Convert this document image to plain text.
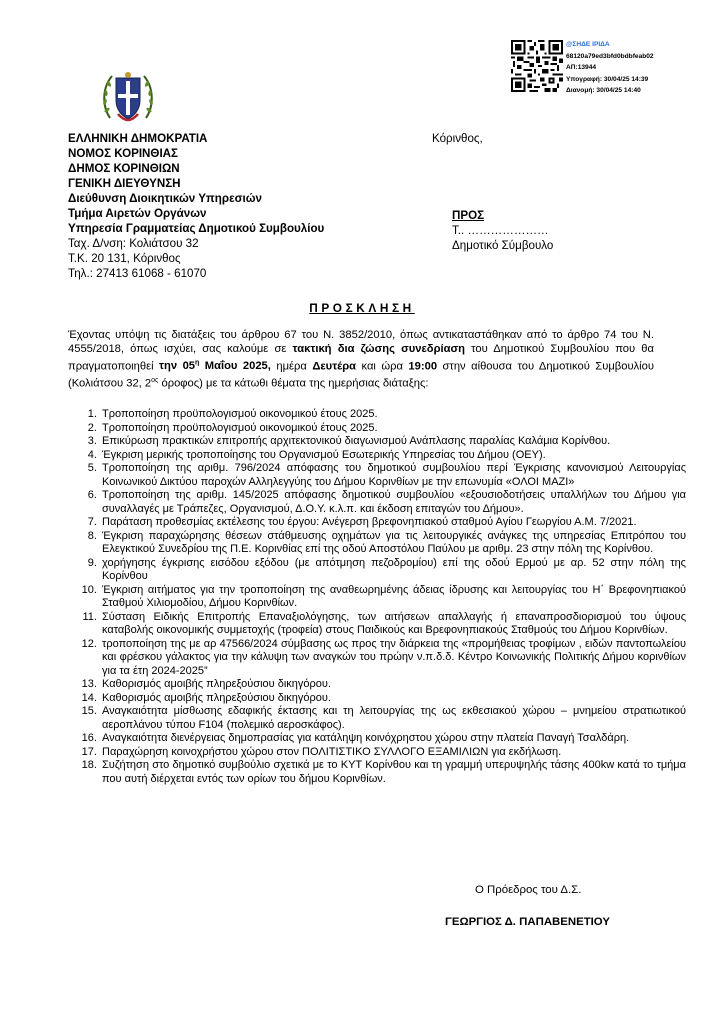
@ΣΗΔΕ ΙΡΙΔΑ
68120a79ed3bfd0bdbfeab02
ΑΠ:13944
Υπογραφή: 30/04/25 14:39
Διανομή: 30/04/25 14:40
ΕΛΛΗΝΙΚΗ ΔΗΜΟΚΡΑΤΙΑ
ΝΟΜΟΣ ΚΟΡΙΝΘΙΑΣ
ΔΗΜΟΣ ΚΟΡΙΝΘΙΩΝ
ΓΕΝΙΚΗ ΔΙΕΥΘΥΝΣΗ
Διεύθυνση Διοικητικών Υπηρεσιών
Τμήμα Αιρετών Οργάνων
Υπηρεσία Γραμματείας Δημοτικού Συμβουλίου
Ταχ. Δ/νση: Κολιάτσου 32
Τ.Κ. 20 131, Κόρινθος
Τηλ.: 27413 61068 - 61070
Κόρινθος,
ΠΡΟΣ
Τ.. …………………
Δημοτικό Σύμβουλο
ΠΡΟΣΚΛΗΣΗ
Έχοντας υπόψη τις διατάξεις του άρθρου 67 του Ν. 3852/2010, όπως αντικαταστάθηκαν από το άρθρο 74 του Ν. 4555/2018, όπως ισχύει, σας καλούμε σε τακτική δια ζώσης συνεδρίαση του Δημοτικού Συμβουλίου που θα πραγματοποιηθεί την $05^\eta$ Μαΐου 2025, ημέρα Δευτέρα και ώρα 19:00 στην αίθουσα του Δημοτικού Συμβουλίου (Κολιάτσου 32, $2^{o\varsigma}$ όροφος) με τα κάτωθι θέματα της ημερήσιας διάταξης:
1. Τροποποίηση προϋπολογισμού οικονομικού έτους 2025.
2. Τροποποίηση προϋπολογισμού οικονομικού έτους 2025.
3. Επικύρωση πρακτικών επιτροπής αρχιτεκτονικού διαγωνισμού Ανάπλασης παραλίας Καλάμια Κορίνθου.
4. Έγκριση μερικής τροποποίησης του Οργανισμού Εσωτερικής Υπηρεσίας του Δήμου (ΟΕΥ).
5. Τροποποίηση της αριθμ. 796/2024 απόφασης του δημοτικού συμβουλίου περί Έγκρισης κανονισμού Λειτουργίας Κοινωνικού Δικτύου παροχών Αλληλεγγύης του Δήμου Κορινθίων με την επωνυμία «ΟΛΟΙ ΜΑΖΙ»
6. Τροποποίηση της αριθμ. 145/2025 απόφασης δημοτικού συμβουλίου «εξουσιοδοτήσεις υπαλλήλων του Δήμου για συναλλαγές με Τράπεζες, Οργανισμού, Δ.Ο.Υ. κ.λ.π. και έκδοση επιταγών του Δήμου».
7. Παράταση προθεσμίας εκτέλεσης του έργου: Ανέγερση βρεφονηπιακού σταθμού Αγίου Γεωργίου Α.Μ. 7/2021.
8. Έγκριση παραχώρησης θέσεων στάθμευσης οχημάτων για τις λειτουργικές ανάγκες της υπηρεσίας Επιτρόπου του Ελεγκτικού Συνεδρίου της Π.Ε. Κορινθίας επί της οδού Αποστόλου Παύλου με αριθμ. 23 στην πόλη της Κορίνθου.
9. χορήγησης έγκρισης εισόδου εξόδου (με απότμηση πεζοδρομίου) επί της οδού Ερμού με αρ. 52 στην πόλη της Κορίνθου
10. Έγκριση αιτήματος για την τροποποίηση της αναθεωρημένης άδειας ίδρυσης και λειτουργίας του Η΄ Βρεφονηπιακού Σταθμού Χιλιομοδίου, Δήμου Κορινθίων.
11. Σύσταση Ειδικής Επιτροπής Επαναξιολόγησης, των αιτήσεων απαλλαγής ή επαναπροσδιορισμού του ύψους καταβολής οικονομικής συμμετοχής (τροφεία) στους Παιδικούς και Βρεφονηπιακούς Σταθμούς του Δήμου Κορινθίων.
12. τροποποίηση της με αρ 47566/2024 σύμβασης ως προς την διάρκεια της «προμήθειας τροφίμων , ειδών παντοπωλείου και φρέσκου γάλακτος για την κάλυψη των αναγκών του πρώην ν.π.δ.δ. Κέντρο Κοινωνικής Πολιτικής Δήμου κορινθίων για τα έτη 2024-2025”
13. Καθορισμός αμοιβής πληρεξούσιου δικηγόρου.
14. Καθορισμός αμοιβής πληρεξούσιου δικηγόρου.
15. Αναγκαιότητα μίσθωσης εδαφικής έκτασης και τη λειτουργίας της ως εκθεσιακού χώρου – μνημείου στρατιωτικού αεροπλάνου τύπου F104 (πολεμικό αεροσκάφος).
16. Αναγκαιότητα διενέργειας δημοπρασίας για κατάληψη κοινόχρηστου χώρου στην πλατεία Παναγή Τσαλδάρη.
17. Παραχώρηση κοινοχρήστου χώρου στον ΠΟΛΙΤΙΣΤΙΚΟ ΣΥΛΛΟΓΟ ΕΞΑΜΙΛΙΩΝ για εκδήλωση.
18. Συζήτηση στο δημοτικό συμβούλιο σχετικά με το ΚΥΤ Κορίνθου και τη γραμμή υπερυψηλής τάσης 400kw κατά το τμήμα που αυτή διέρχεται εντός των ορίων του δήμου Κορινθίων.
Ο Πρόεδρος του Δ.Σ.
ΓΕΩΡΓΙΟΣ Δ. ΠΑΠΑΒΕΝΕΤΙΟΥ
